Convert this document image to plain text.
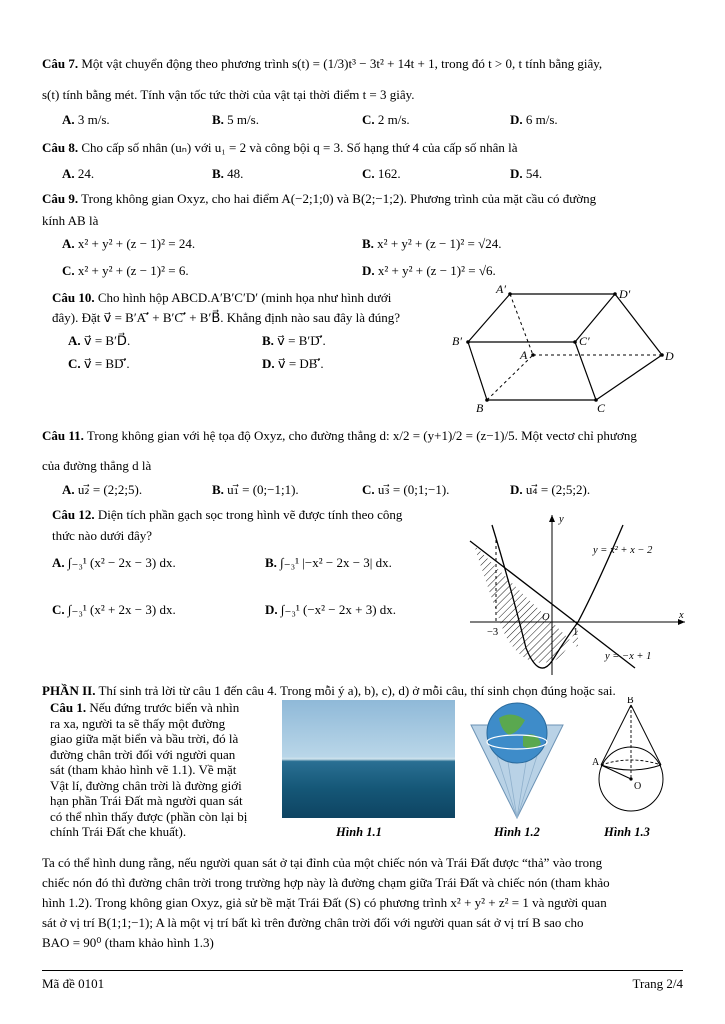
Câu 7. Một vật chuyển động theo phương trình s(t) = (1/3)t³ − 3t² + 14t + 1, trong đó t > 0, t tính bằng giây,
s(t) tính bằng mét. Tính vận tốc tức thời của vật tại thời điểm t = 3 giây.
A. 3 m/s.	B. 5 m/s.	C. 2 m/s.	D. 6 m/s.
Câu 8. Cho cấp số nhân (uₙ) với u₁ = 2 và công bội q = 3. Số hạng thứ 4 của cấp số nhân là
A. 24.	B. 48.	C. 162.	D. 54.
Câu 9. Trong không gian Oxyz, cho hai điểm A(−2;1;0) và B(2;−1;2). Phương trình của mặt cầu có đường
kính AB là
A. x² + y² + (z − 1)² = 24.	B. x² + y² + (z − 1)² = √24.
C. x² + y² + (z − 1)² = 6.	D. x² + y² + (z − 1)² = √6.
Câu 10. Cho hình hộp ABCD.A′B′C′D′ (minh họa như hình dưới
đây). Đặt v⃗ = B′A′⃗ + B′C′⃗ + B′B⃗. Khẳng định nào sau đây là đúng?
A. v⃗ = B′D⃗.	B. v⃗ = B′D′⃗.
C. v⃗ = BD′⃗.	D. v⃗ = DB′⃗.
A′	D′
B′	C′
A	D
B	C
Câu 11. Trong không gian với hệ tọa độ Oxyz, cho đường thẳng d: x/2 = (y+1)/2 = (z−1)/5. Một vectơ chỉ phương
của đường thẳng d là
A. u₂⃗ = (2;2;5).	B. u₁⃗ = (0;−1;1).	C. u₃⃗ = (0;1;−1).	D. u₄⃗ = (2;5;2).
Câu 12. Diện tích phần gạch sọc trong hình vẽ được tính theo công
thức nào dưới đây?
A. ∫₋₃¹ (x² − 2x − 3) dx.	B. ∫₋₃¹ |−x² − 2x − 3| dx.
C. ∫₋₃¹ (x² + 2x − 3) dx.	D. ∫₋₃¹ (−x² − 2x + 3) dx.
y
x
O
−3	1
y = x² + x − 2
y = −x + 1
PHẦN II. Thí sinh trả lời từ câu 1 đến câu 4. Trong mỗi ý a), b), c), d) ở mỗi câu, thí sinh chọn đúng hoặc sai.
Câu 1. Nếu đứng trước biển và nhìn
ra xa, người ta sẽ thấy một đường
giao giữa mặt biển và bầu trời, đó là
đường chân trời đối với người quan
sát (tham khảo hình vẽ 1.1). Về mặt
Vật lí, đường chân trời là đường giới
hạn phần Trái Đất mà người quan sát
có thể nhìn thấy được (phần còn lại bị
chính Trái Đất che khuất).	Hình 1.1	Hình 1.2
B
A
O
Hình 1.3
Ta có thể hình dung rằng, nếu người quan sát ở tại đỉnh của một chiếc nón và Trái Đất được “thả” vào trong
chiếc nón đó thì đường chân trời trong trường hợp này là đường chạm giữa Trái Đất và chiếc nón (tham khảo
hình 1.2). Trong không gian Oxyz, giả sử bề mặt Trái Đất (S) có phương trình x² + y² + z² = 1 và người quan
sát ở vị trí B(1;1;−1); A là một vị trí bất kì trên đường chân trời đối với người quan sát ở vị trí B sao cho
BAO = 90⁰ (tham khảo hình 1.3)
Mã đề 0101	Trang 2/4
